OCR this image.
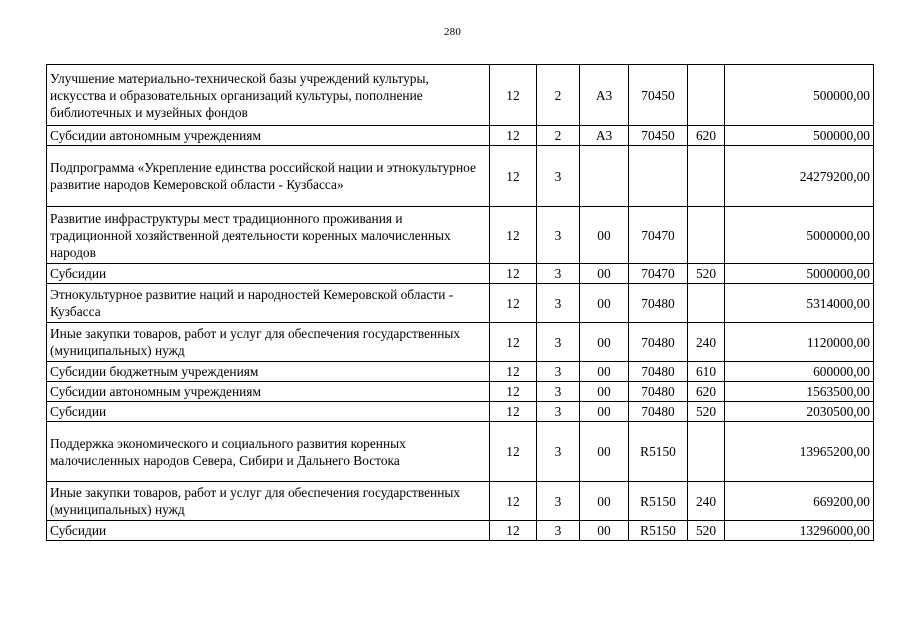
280
Улучшение материально-технической базы учреждений культуры, искусства и образовательных организаций культуры, пополнение библиотечных и музейных фондов	12	2	А3	70450		500000,00
Субсидии автономным учреждениям	12	2	А3	70450	620	500000,00
Подпрограмма «Укрепление единства российской нации и этнокультурное развитие народов Кемеровской области - Кузбасса»	12	3				24279200,00
Развитие инфраструктуры мест традиционного проживания и традиционной хозяйственной деятельности коренных малочисленных народов	12	3	00	70470		5000000,00
Субсидии	12	3	00	70470	520	5000000,00
Этнокультурное развитие наций и народностей Кемеровской области - Кузбасса	12	3	00	70480		5314000,00
Иные закупки товаров, работ и услуг для обеспечения государственных (муниципальных) нужд	12	3	00	70480	240	1120000,00
Субсидии бюджетным учреждениям	12	3	00	70480	610	600000,00
Субсидии автономным учреждениям	12	3	00	70480	620	1563500,00
Субсидии	12	3	00	70480	520	2030500,00
Поддержка экономического и социального развития коренных малочисленных народов Севера, Сибири и Дальнего Востока	12	3	00	R5150		13965200,00
Иные закупки товаров, работ и услуг для обеспечения государственных (муниципальных) нужд	12	3	00	R5150	240	669200,00
Субсидии	12	3	00	R5150	520	13296000,00
